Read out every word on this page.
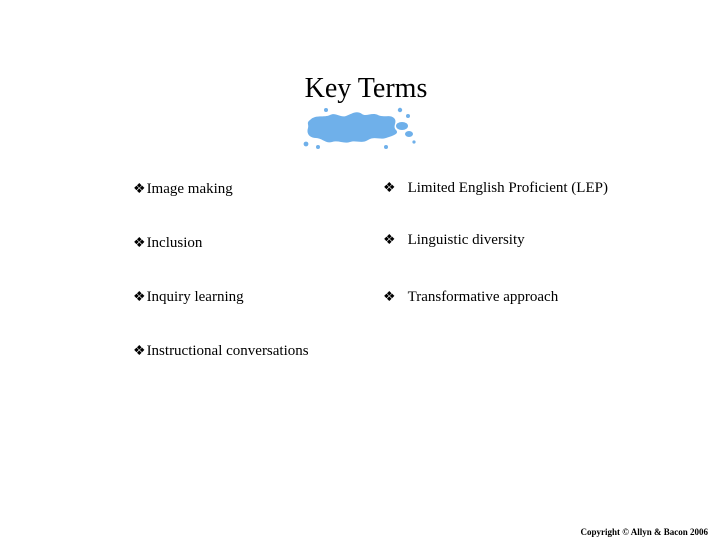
Key Terms
❖Image making
❖Inclusion
❖Inquiry learning
❖Instructional conversations
❖ Limited English Proficient (LEP)
❖ Linguistic diversity
❖ Transformative approach
Copyright © Allyn & Bacon 2006
